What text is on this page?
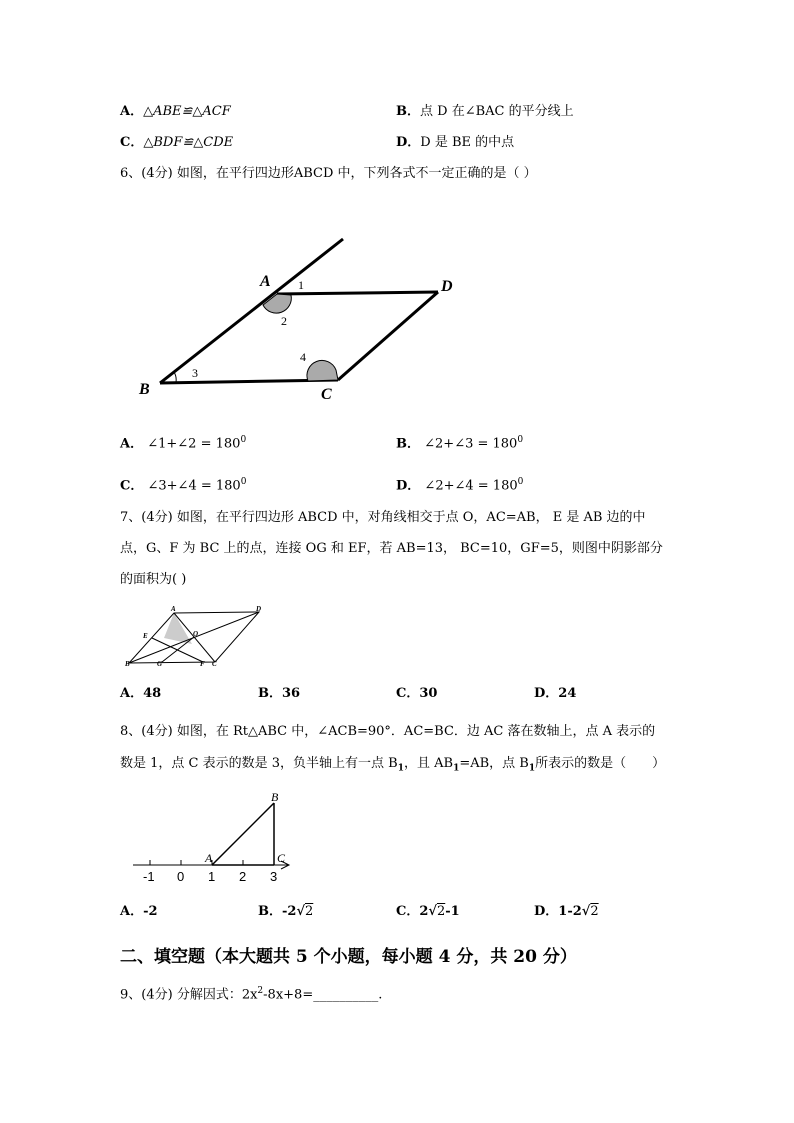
A．△ABE≌△ACF	B．点 D 在∠BAC 的平分线上
C．△BDF≌△CDE	D．D 是 BE 的中点
6、(4分) 如图，在平行四边形ABCD 中，下列各式不一定正确的是（ ）
A	D
B	C
1
2
3
4
A． ∠1+∠2 = $180^0$	B． ∠2+∠3 = $180^0$
C． ∠3+∠4 = $180^0$	D． ∠2+∠4 = $180^0$
7、(4分) 如图，在平行四边形 ABCD 中，对角线相交于点 O，AC=AB， E 是 AB 边的中
点，G、F 为 BC 上的点，连接 OG 和 EF，若 AB=13， BC=10，GF=5，则图中阴影部分
的面积为( )
A	D
E	O
B	G	F C
A．48	B．36	C．30	D．24
8、(4分) 如图，在 Rt△ABC 中，∠ACB=90°．AC=BC．边 AC 落在数轴上，点 A 表示的
数是 1，点 C 表示的数是 3，负半轴上有一点 $B_1$，且 $AB_1=AB$，点 $B_1$所表示的数是（　　）
A
B
C
-1 0 1 2 3
A．-2	B．-2√2	C．2√2-1	D．1-2√2
二、填空题（本大题共 5 个小题，每小题 4 分，共 20 分）
9、(4分) 分解因式：$2x^2-8x+8=\_\_\_\_\_\_\_\_\_\_$.
